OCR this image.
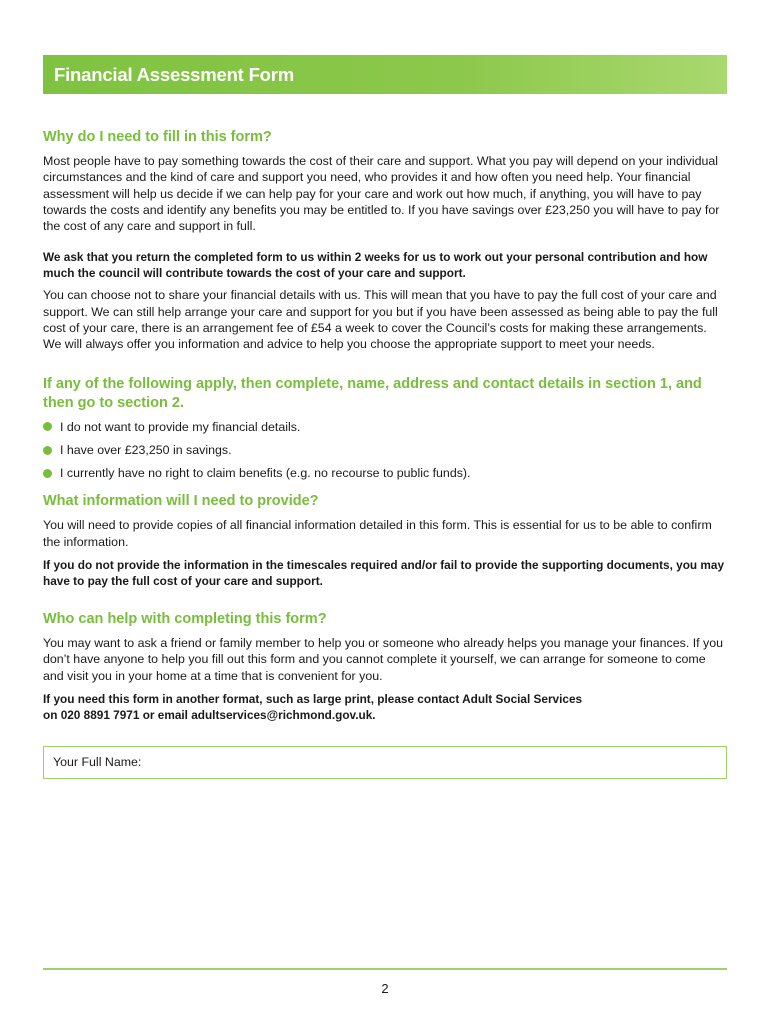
Financial Assessment Form
Why do I need to fill in this form?

Most people have to pay something towards the cost of their care and support. What you pay will depend on your individual circumstances and the kind of care and support you need, who provides it and how often you need help. Your financial assessment will help us decide if we can help pay for your care and work out how much, if anything, you will have to pay towards the costs and identify any benefits you may be entitled to. If you have savings over £23,250 you will have to pay for the cost of any care and support in full.

We ask that you return the completed form to us within 2 weeks for us to work out your personal contribution and how much the council will contribute towards the cost of your care and support.

You can choose not to share your financial details with us. This will mean that you have to pay the full cost of your care and support. We can still help arrange your care and support for you but if you have been assessed as being able to pay the full cost of your care, there is an arrangement fee of £54 a week to cover the Council’s costs for making these arrangements. We will always offer you information and advice to help you choose the appropriate support to meet your needs.

If any of the following apply, then complete, name, address and contact details in section 1, and then go to section 2.
I do not want to provide my financial details.
I have over £23,250 in savings.
I currently have no right to claim benefits (e.g. no recourse to public funds).
What information will I need to provide?

You will need to provide copies of all financial information detailed in this form. This is essential for us to be able to confirm the information.

If you do not provide the information in the timescales required and/or fail to provide the supporting documents, you may have to pay the full cost of your care and support.

Who can help with completing this form?

You may want to ask a friend or family member to help you or someone who already helps you manage your finances. If you don’t have anyone to help you fill out this form and you cannot complete it yourself, we can arrange for someone to come and visit you in your home at a time that is convenient for you.

If you need this form in another format, such as large print, please contact Adult Social Services
on 020 8891 7971 or email adultservices@richmond.gov.uk.

Your Full Name:
2
